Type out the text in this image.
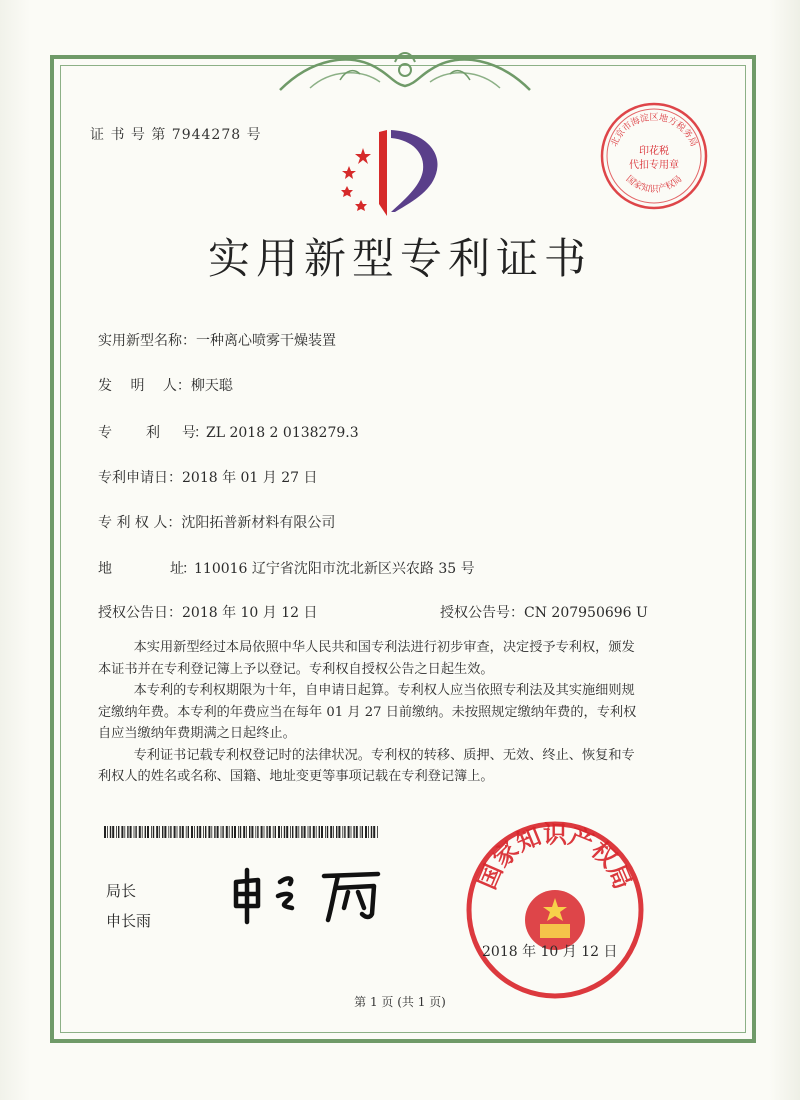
证 书 号 第 7944278 号
实用新型专利证书
实用新型名称：一种离心喷雾干燥装置
发　 明　 人：柳天聪
专　　　利　　号：ZL 2018 2 0138279.3
专利申请日：2018 年 01 月 27 日
专 利 权 人：沈阳拓普新材料有限公司
地　　　　　址：110016 辽宁省沈阳市沈北新区兴农路 35 号
授权公告日：2018 年 10 月 12 日	授权公告号：CN 207950696 U
本实用新型经过本局依照中华人民共和国专利法进行初步审查，决定授予专利权，颁发
本证书并在专利登记簿上予以登记。专利权自授权公告之日起生效。
本专利的专利权期限为十年，自申请日起算。专利权人应当依照专利法及其实施细则规
定缴纳年费。本专利的年费应当在每年 01 月 27 日前缴纳。未按照规定缴纳年费的，专利权
自应当缴纳年费期满之日起终止。
专利证书记载专利权登记时的法律状况。专利权的转移、质押、无效、终止、恢复和专
利权人的姓名或名称、国籍、地址变更等事项记载在专利登记簿上。
局长
申长雨
国家知识产权局
2018 年 10 月 12 日
北京市海淀区地方税务局
印花税
代扣专用章
国家知识产权局
第 1 页 (共 1 页)
